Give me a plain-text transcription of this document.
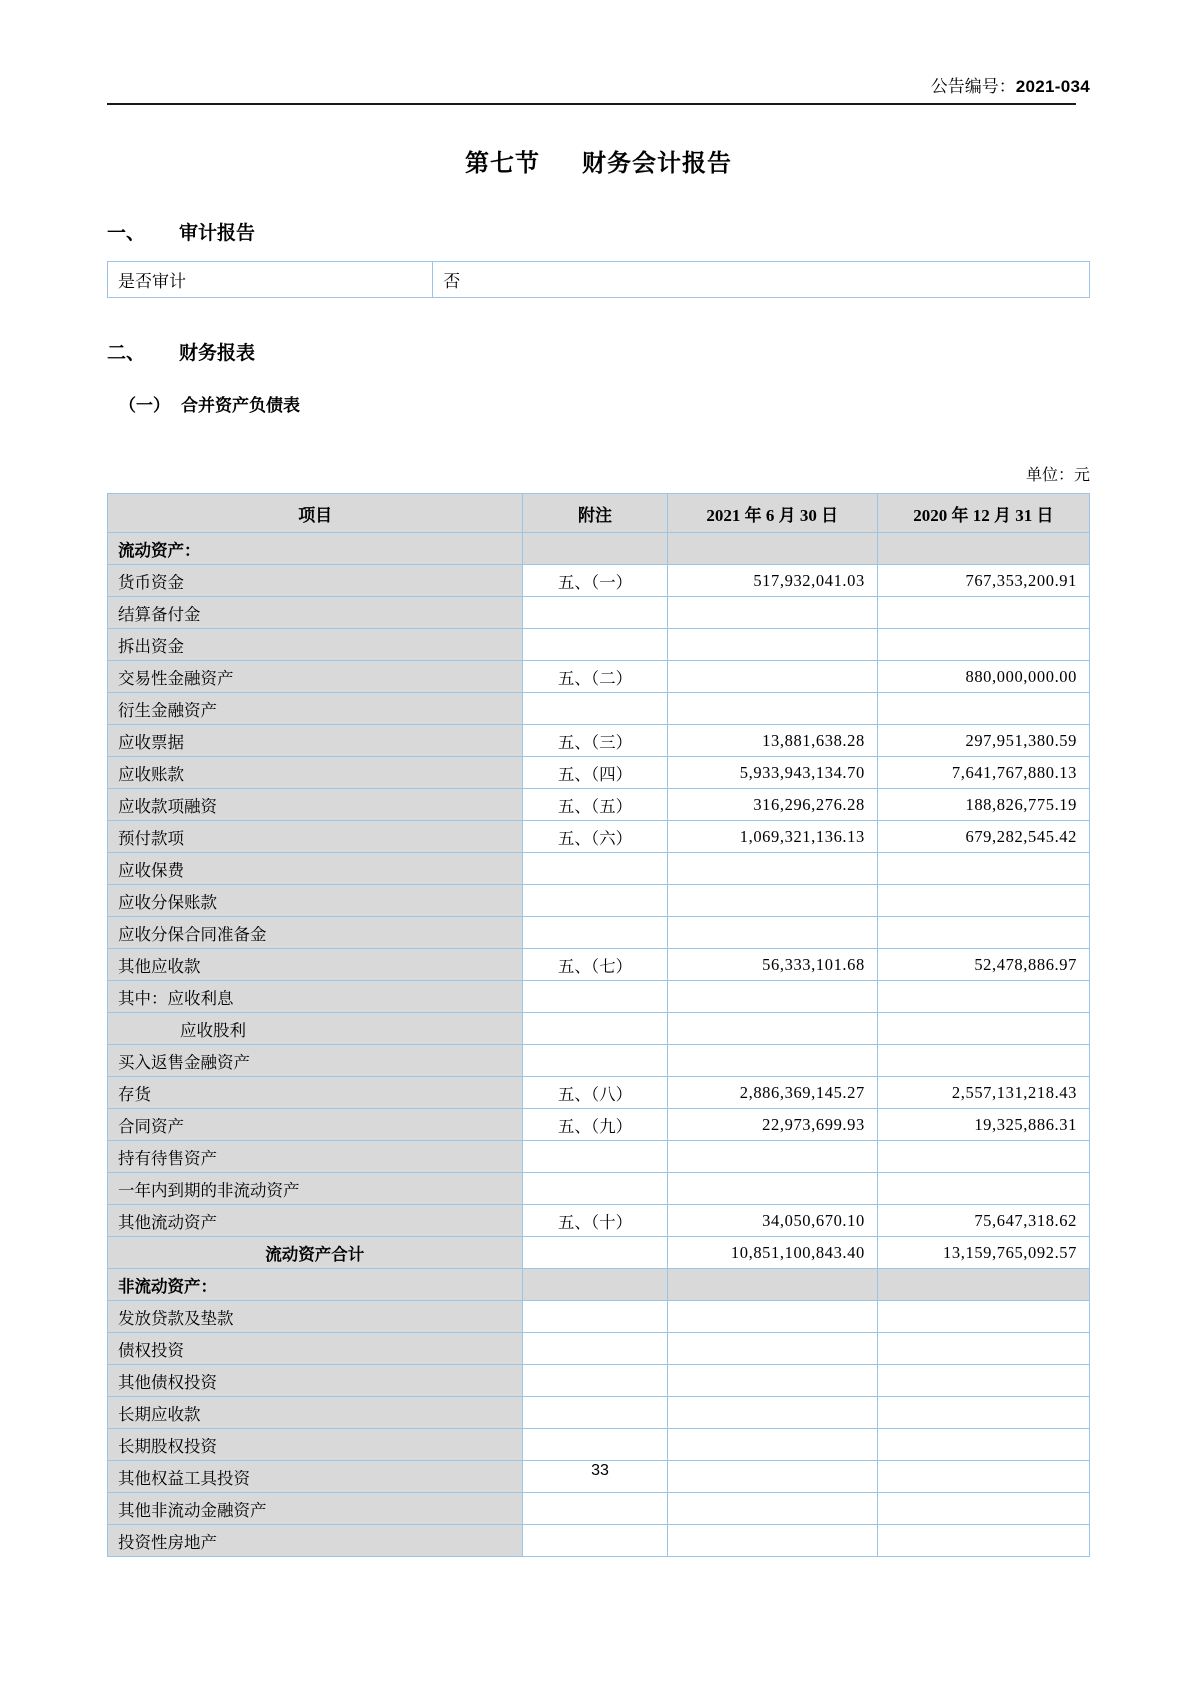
公告编号：2021-034
第七节 财务会计报告
一、 审计报告
是否审计	否
二、 财务报表
（一） 合并资产负债表
单位：元
项目	附注	2021 年 6 月 30 日	2020 年 12 月 31 日
流动资产：			
货币资金	五、（一）	517,932,041.03	767,353,200.91
结算备付金			
拆出资金			
交易性金融资产	五、（二）		880,000,000.00
衍生金融资产			
应收票据	五、（三）	13,881,638.28	297,951,380.59
应收账款	五、（四）	5,933,943,134.70	7,641,767,880.13
应收款项融资	五、（五）	316,296,276.28	188,826,775.19
预付款项	五、（六）	1,069,321,136.13	679,282,545.42
应收保费			
应收分保账款			
应收分保合同准备金			
其他应收款	五、（七）	56,333,101.68	52,478,886.97
其中：应收利息			
应收股利			
买入返售金融资产			
存货	五、（八）	2,886,369,145.27	2,557,131,218.43
合同资产	五、（九）	22,973,699.93	19,325,886.31
持有待售资产			
一年内到期的非流动资产			
其他流动资产	五、（十）	34,050,670.10	75,647,318.62
流动资产合计		10,851,100,843.40	13,159,765,092.57
非流动资产：			
发放贷款及垫款			
债权投资			
其他债权投资			
长期应收款			
长期股权投资			
其他权益工具投资			
其他非流动金融资产			
投资性房地产			
33
